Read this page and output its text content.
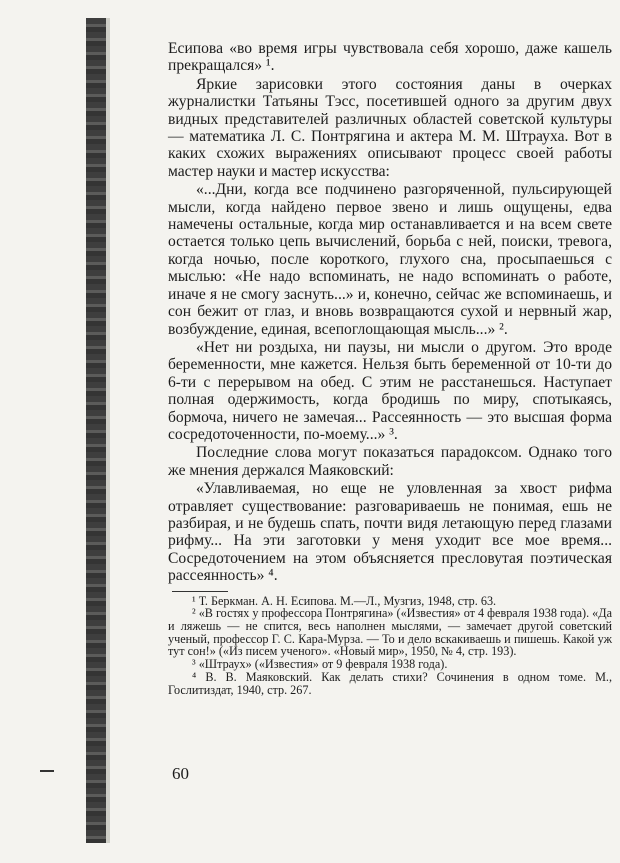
Есипова «во время игры чувствовала себя хорошо, даже кашель прекращался» ¹.

Яркие зарисовки этого состояния даны в очерках журналистки Татьяны Тэсс, посетившей одного за другим двух видных представителей различных областей советской культуры — математика Л. С. Понтрягина и актера М. М. Штрауха. Вот в каких схожих выражениях описывают процесс своей работы мастер науки и мастер искусства:

«...Дни, когда все подчинено разгоряченной, пульсирующей мысли, когда найдено первое звено и лишь ощущены, едва намечены остальные, когда мир останавливается и на всем свете остается только цепь вычислений, борьба с ней, поиски, тревога, когда ночью, после короткого, глухого сна, просыпаешься с мыслью: «Не надо вспоминать, не надо вспоминать о работе, иначе я не смогу заснуть...» и, конечно, сейчас же вспоминаешь, и сон бежит от глаз, и вновь возвращаются сухой и нервный жар, возбуждение, единая, всепоглощающая мысль...» ².

«Нет ни роздыха, ни паузы, ни мысли о другом. Это вроде беременности, мне кажется. Нельзя быть беременной от 10-ти до 6-ти с перерывом на обед. С этим не расстанешься. Наступает полная одержимость, когда бродишь по миру, спотыкаясь, бормоча, ничего не замечая... Рассеянность — это высшая форма сосредоточенности, по-моему...» ³.

Последние слова могут показаться парадоксом. Однако того же мнения держался Маяковский:

«Улавливаемая, но еще не уловленная за хвост рифма отравляет существование: разговариваешь не понимая, ешь не разбирая, и не будешь спать, почти видя летающую перед глазами рифму... На эти заготовки у меня уходит все мое время... Сосредоточением на этом объясняется пресловутая поэтическая рассеянность» ⁴.

¹ Т. Беркман. А. Н. Есипова. М.—Л., Музгиз, 1948, стр. 63.

² «В гостях у профессора Понтрягина» («Известия» от 4 февраля 1938 года). «Да и ляжешь — не спится, весь наполнен мыслями, — замечает другой советский ученый, профессор Г. С. Кара-Мурза. — То и дело вскакиваешь и пишешь. Какой уж тут сон!» («Из писем ученого». «Новый мир», 1950, № 4, стр. 193).

³ «Штраух» («Известия» от 9 февраля 1938 года).

⁴ В. В. Маяковский. Как делать стихи? Сочинения в одном томе. М., Гослитиздат, 1940, стр. 267.

60
